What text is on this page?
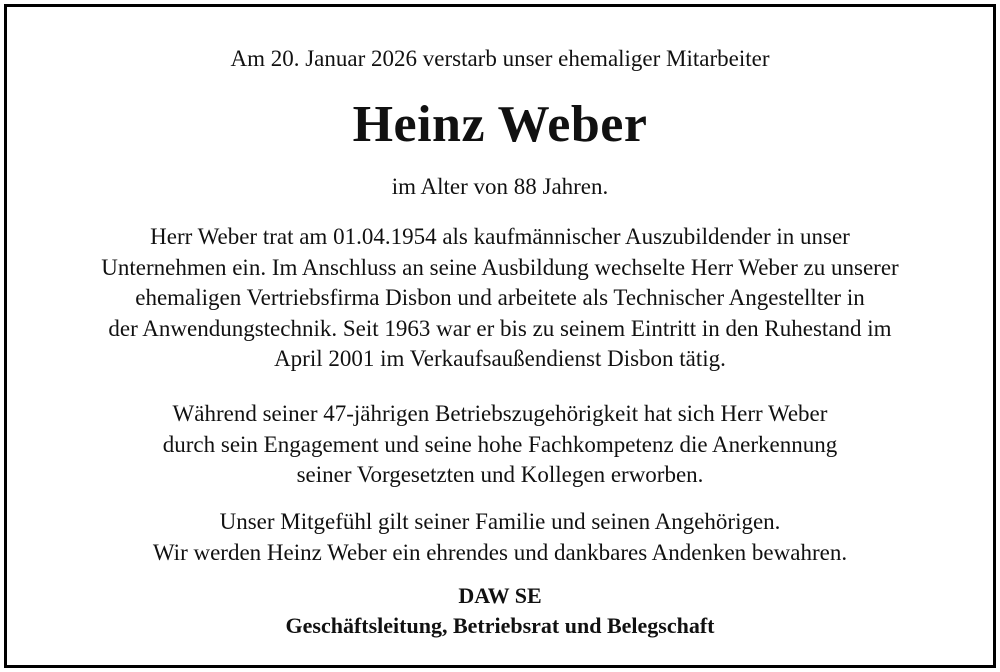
Am 20. Januar 2026 verstarb unser ehemaliger Mitarbeiter
Heinz Weber
im Alter von 88 Jahren.
Herr Weber trat am 01.04.1954 als kaufmännischer Auszubildender in unser
Unternehmen ein. Im Anschluss an seine Ausbildung wechselte Herr Weber zu unserer
ehemaligen Vertriebsfirma Disbon und arbeitete als Technischer Angestellter in
der Anwendungstechnik. Seit 1963 war er bis zu seinem Eintritt in den Ruhestand im
April 2001 im Verkaufsaußendienst Disbon tätig.
Während seiner 47-jährigen Betriebszugehörigkeit hat sich Herr Weber
durch sein Engagement und seine hohe Fachkompetenz die Anerkennung
seiner Vorgesetzten und Kollegen erworben.
Unser Mitgefühl gilt seiner Familie und seinen Angehörigen.
Wir werden Heinz Weber ein ehrendes und dankbares Andenken bewahren.
DAW SE
Geschäftsleitung, Betriebsrat und Belegschaft
